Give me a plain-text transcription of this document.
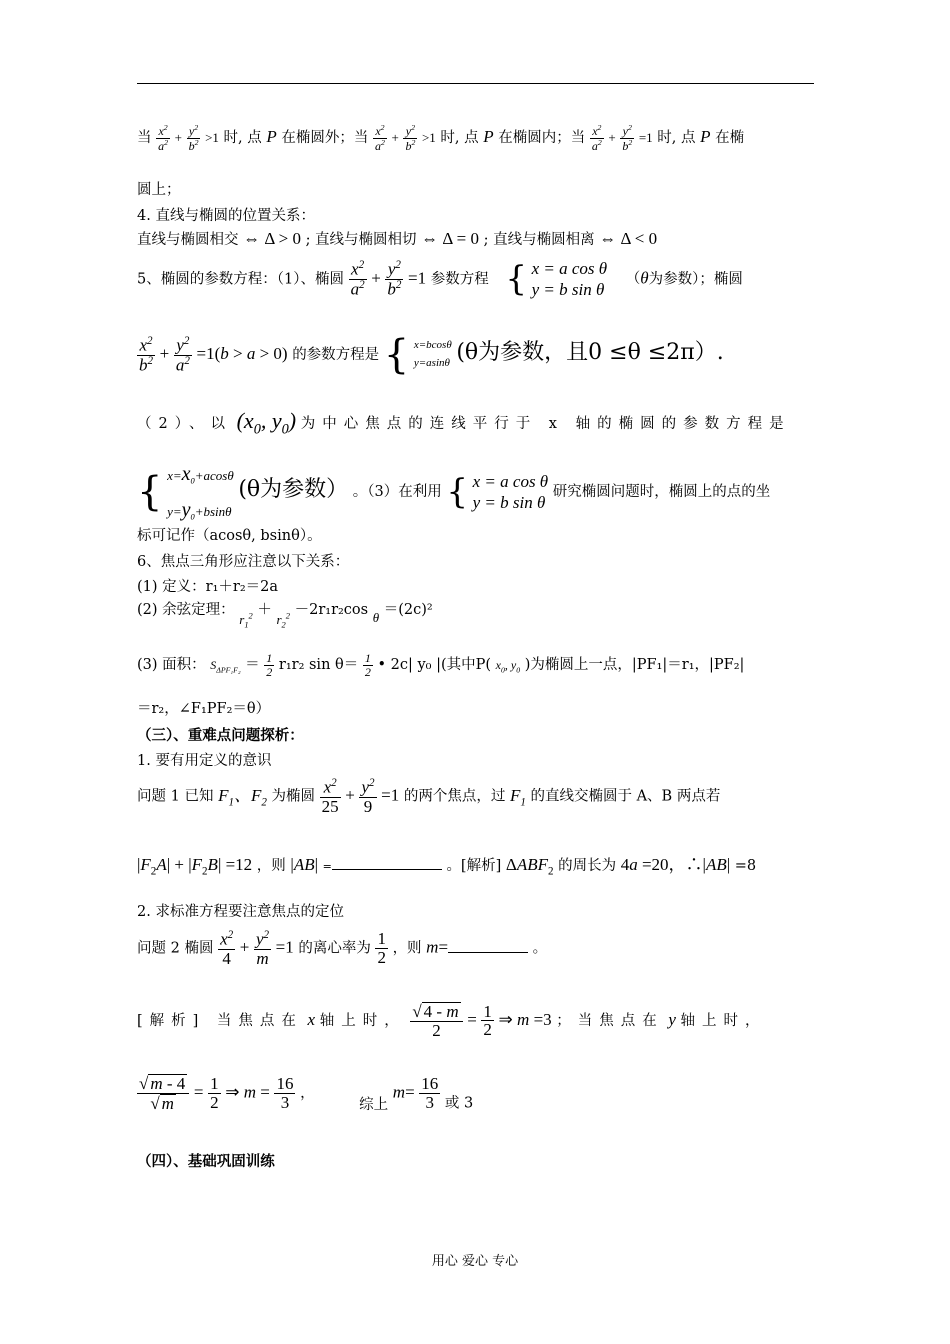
当 $\frac{x^2}{a^2} + \frac{y^2}{b^2} >1$ 时, 点 P 在椭圆外；当 $\frac{x^2}{a^2} + \frac{y^2}{b^2} >1$ 时, 点 P 在椭圆内；当 $\frac{x^2}{a^2} + \frac{y^2}{b^2} =1$ 时, 点 P 在椭
圆上；
4. 直线与椭圆的位置关系：
直线与椭圆相交 ⇔ Δ > 0 ; 直线与椭圆相切 ⇔ Δ = 0 ; 直线与椭圆相离 ⇔ Δ < 0
5、椭圆的参数方程：（1）、椭圆 $\frac{x^2}{a^2} + \frac{y^2}{b^2} =1$ 参数方程 { x = a cos θ
y = b sin θ
（θ为参数）；椭圆
$\frac{x^2}{b^2} + \frac{y^2}{a^2} =1(b > a > 0)$ 的参数方程是 { x=bcosθ
y=asinθ (θ为参数，且0 ≤θ ≤2π）.
（2）、以 ($x_0$, $y_0$) 为中心焦点的连线平行于 x 轴的椭圆的参数方程是
{ $x=x_0+acos\theta$
$y=y_0+bsin\theta$
(θ为参数） 。（3）在利用 { x = a cos θ
y = b sin θ
研究椭圆问题时，椭圆上的点的坐
标可记作（acosθ, bsinθ）。
6、焦点三角形应注意以下关系：
(1) 定义：r₁＋r₂＝2a
(2) 余弦定理： $r_1^2 + r_2^2 -2r_1r_2\cos$ θ ＝(2c)²
(3) 面积： $S_{\Delta PF_1F_2} = \frac{1}{2} r_1r_2$ $\sin \theta= \frac{1}{2}$ • 2c| y₀ |(其中P( $x_0$, $y_0$ )为椭圆上一点，|PF₁|＝r₁，|PF₂|
＝r₂，∠F₁PF₂＝θ）
（三）、重难点问题探析：
1. 要有用定义的意识
问题 1 已知 $F_1$、$F_2$ 为椭圆 $\frac{x^2}{25} + \frac{y^2}{9} =1$ 的两个焦点，过 $F_1$ 的直线交椭圆于 A、B 两点若
$|F_2A| + |F_2B| =12$ ，则 |AB| =	。[解析] $\Delta ABF_2$ 的周长为 4a =20，∴|AB| =8
2. 求标准方程要注意焦点的定位
问题 2 椭圆 $\frac{x^2}{4} + \frac{y^2}{m} =1$ 的离心率为 $\frac{1}{2}$ ，则 m=	。
[解析] 当焦点在 x 轴上时， $\frac{√ 4 - m}{2} = \frac{1}{2}$ ⇒ m =3 ；当焦点在 y 轴上时，
$\frac{√ m - 4}{√ m} = \frac{1}{2}$ ⇒ $m = \frac{16}{3}$ ， 综上 $m= \frac{16}{3}$ 或 3
（四）、基础巩固训练
用心 爱心 专心
